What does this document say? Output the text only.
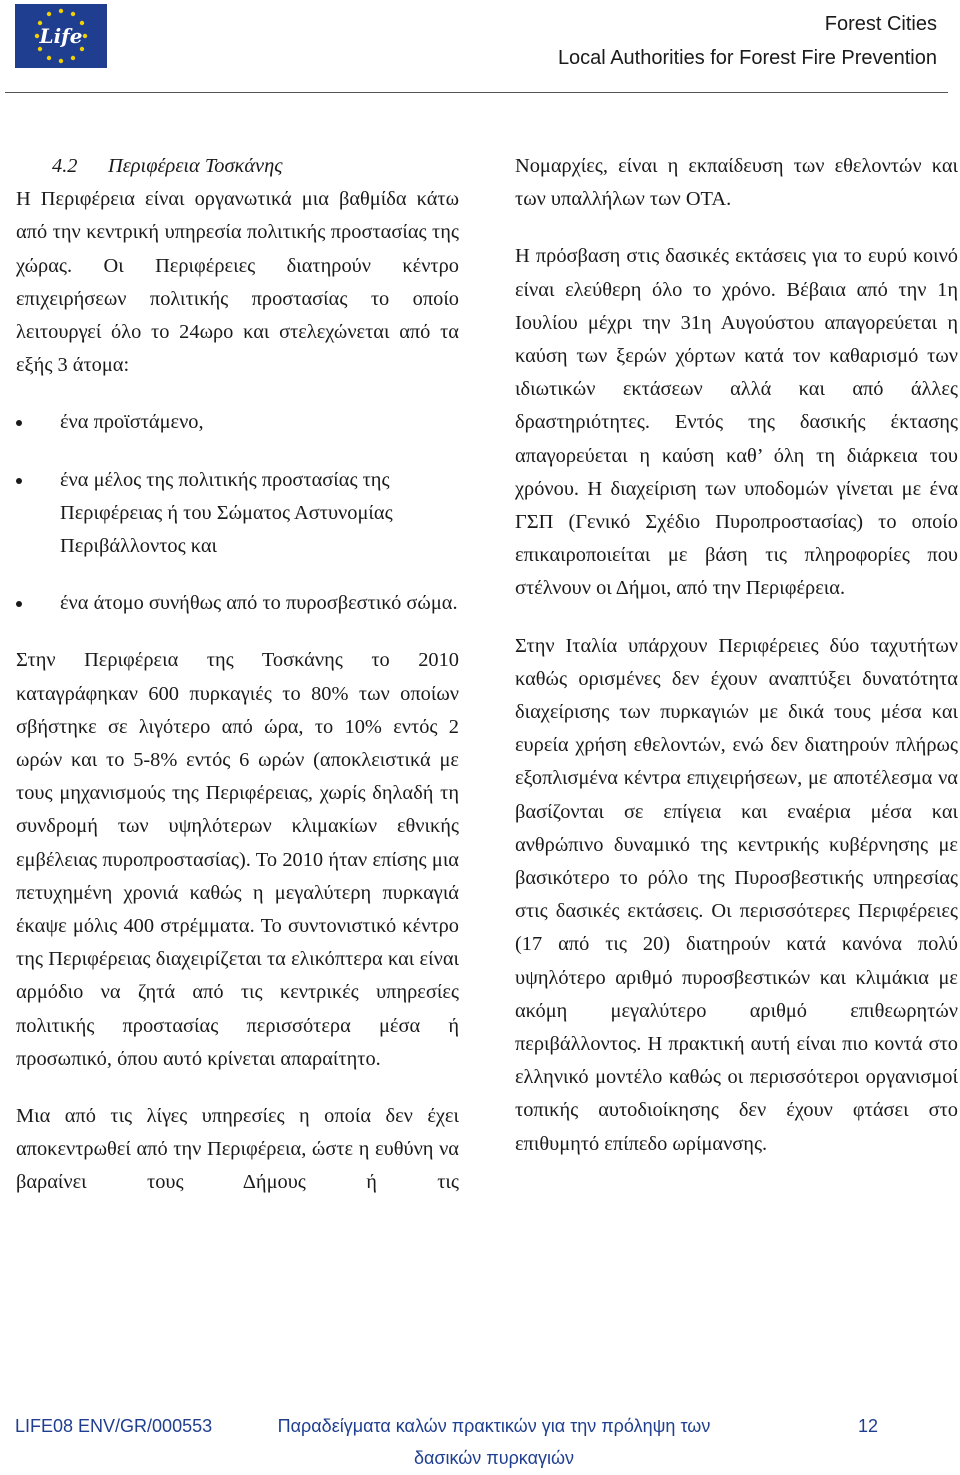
Life	Forest Cities
Local Authorities for Forest Fire Prevention

4.2 Περιφέρεια Τοσκάνης

Η Περιφέρεια είναι οργανωτικά μια βαθμίδα κάτω από την κεντρική υπηρεσία πολιτικής προστασίας της χώρας. Οι Περιφέρειες διατηρούν κέντρο επιχειρήσεων πολιτικής προστασίας το οποίο λειτουργεί όλο το 24ωρο και στελεχώνεται από τα εξής 3 άτομα:

ένα προϊστάμενο,
ένα μέλος της πολιτικής προστασίας της Περιφέρειας ή του Σώματος Αστυνομίας Περιβάλλοντος και
ένα άτομο συνήθως από το πυροσβεστικό σώμα.

Στην Περιφέρεια της Τοσκάνης το 2010 καταγράφηκαν 600 πυρκαγιές το 80% των οποίων σβήστηκε σε λιγότερο από ώρα, το 10% εντός 2 ωρών και το 5-8% εντός 6 ωρών (αποκλειστικά με τους μηχανισμούς της Περιφέρειας, χωρίς δηλαδή τη συνδρομή των υψηλότερων κλιμακίων εθνικής εμβέλειας πυροπροστασίας). Το 2010 ήταν επίσης μια πετυχημένη χρονιά καθώς η μεγαλύτερη πυρκαγιά έκαψε μόλις 400 στρέμματα. Το συντονιστικό κέντρο της Περιφέρειας διαχειρίζεται τα ελικόπτερα και είναι αρμόδιο να ζητά από τις κεντρικές υπηρεσίες πολιτικής προστασίας περισσότερα μέσα ή προσωπικό, όπου αυτό κρίνεται απαραίτητο.

Μια από τις λίγες υπηρεσίες η οποία δεν έχει αποκεντρωθεί από την Περιφέρεια, ώστε η ευθύνη να βαραίνει τους Δήμους ή τις

Νομαρχίες, είναι η εκπαίδευση των εθελοντών και των υπαλλήλων των ΟΤΑ.

Η πρόσβαση στις δασικές εκτάσεις για το ευρύ κοινό είναι ελεύθερη όλο το χρόνο. Βέβαια από την 1η Ιουλίου μέχρι την 31η Αυγούστου απαγορεύεται η καύση των ξερών χόρτων κατά τον καθαρισμό των ιδιωτικών εκτάσεων αλλά και από άλλες δραστηριότητες. Εντός της δασικής έκτασης απαγορεύεται η καύση καθ’ όλη τη διάρκεια του χρόνου. Η διαχείριση των υποδομών γίνεται με ένα ΓΣΠ (Γενικό Σχέδιο Πυροπροστασίας) το οποίο επικαιροποιείται με βάση τις πληροφορίες που στέλνουν οι Δήμοι, από την Περιφέρεια.

Στην Ιταλία υπάρχουν Περιφέρειες δύο ταχυτήτων καθώς ορισμένες δεν έχουν αναπτύξει δυνατότητα διαχείρισης των πυρκαγιών με δικά τους μέσα και ευρεία χρήση εθελοντών, ενώ δεν διατηρούν πλήρως εξοπλισμένα κέντρα επιχειρήσεων, με αποτέλεσμα να βασίζονται σε επίγεια και εναέρια μέσα και ανθρώπινο δυναμικό της κεντρικής κυβέρνησης με βασικότερο το ρόλο της Πυροσβεστικής υπηρεσίας στις δασικές εκτάσεις. Οι περισσότερες Περιφέρειες (17 από τις 20) διατηρούν κατά κανόνα πολύ υψηλότερο αριθμό πυροσβεστικών και κλιμάκια με ακόμη μεγαλύτερο αριθμό επιθεωρητών περιβάλλοντος. Η πρακτική αυτή είναι πιο κοντά στο ελληνικό μοντέλο καθώς οι περισσότεροι οργανισμοί τοπικής αυτοδιοίκησης δεν έχουν φτάσει στο επιθυμητό επίπεδο ωρίμανσης.

LIFE08 ENV/GR/000553	Παραδείγματα καλών πρακτικών για την πρόληψη των δασικών πυρκαγιών
12
